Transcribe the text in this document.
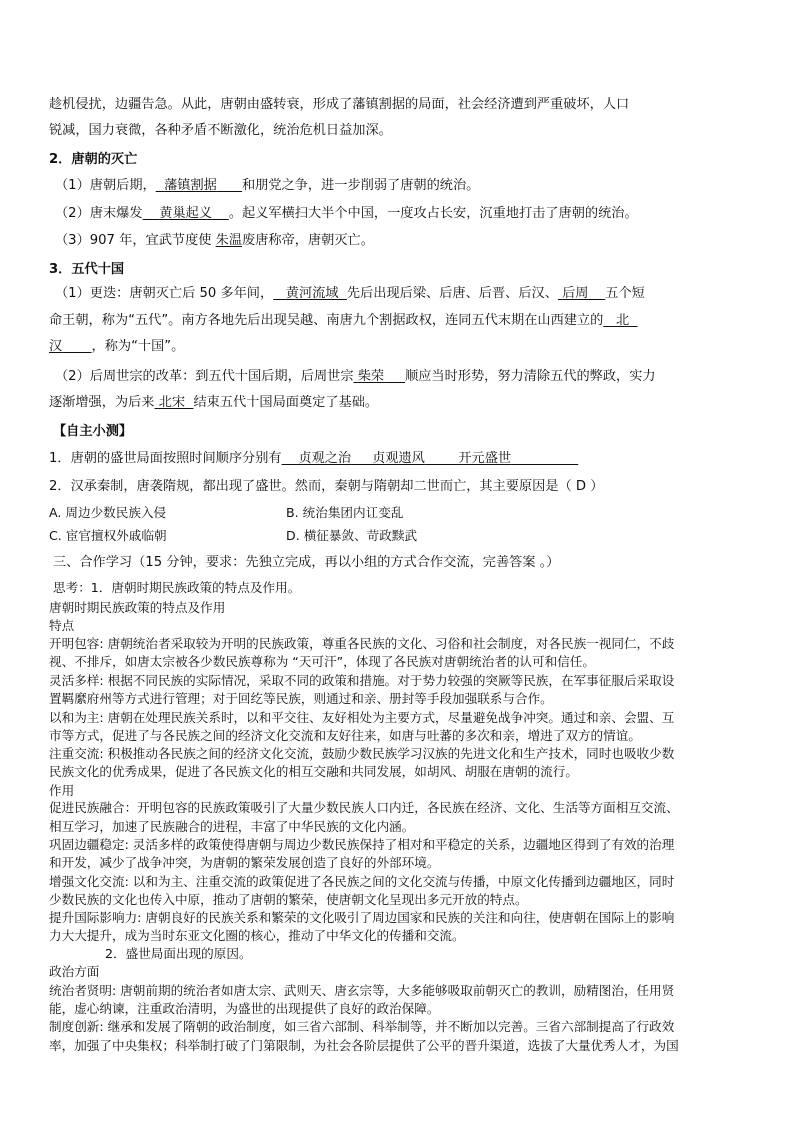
趁机侵扰，边疆告急。从此，唐朝由盛转衰，形成了藩镇割据的局面，社会经济遭到严重破坏，人口
锐减，国力衰微，各种矛盾不断激化，统治危机日益加深。
2．唐朝的灭亡
（1）唐朝后期， 藩镇割据 和朋党之争，进一步削弱了唐朝的统治。
（2）唐末爆发 黄巢起义 。起义军横扫大半个中国，一度攻占长安，沉重地打击了唐朝的统治。
（3）907 年，宜武节度使 朱温废唐称帝，唐朝灭亡。
3．五代十国
（1）更迭：唐朝灭亡后 50 多年间， 黄河流域 先后出现后梁、后唐、后晋、后汉、 后周 五个短
命王朝，称为“五代”。南方各地先后出现吴越、南唐九个割据政权，连同五代末期在山西建立的 北
汉 ，称为“十国”。
（2）后周世宗的改革：到五代十国后期，后周世宗 柴荣 顺应当时形势，努力清除五代的弊政，实力
逐渐增强，为后来 北宋 结束五代十国局面奠定了基础。
【自主小测】
1．唐朝的盛世局面按照时间顺序分别有 贞观之治 贞观遗风	开元盛世
2．汉承秦制，唐袭隋规，都出现了盛世。然而，秦朝与隋朝却二世而亡，其主要原因是（ D ）
A. 周边少数民族入侵	B. 统治集团内讧变乱
C. 宦官擅权外戚临朝	D. 横征暴敛、苛政黩武
三、合作学习（15 分钟，要求：先独立完成，再以小组的方式合作交流，完善答案 。）
思考：1．唐朝时期民族政策的特点及作用。
唐朝时期民族政策的特点及作用
特点
开明包容: 唐朝统治者采取较为开明的民族政策，尊重各民族的文化、习俗和社会制度，对各民族一视同仁，不歧
视、不排斥，如唐太宗被各少数民族尊称为 “天可汗”，体现了各民族对唐朝统治者的认可和信任。
灵活多样: 根据不同民族的实际情况，采取不同的政策和措施。对于势力较强的突厥等民族，在军事征服后采取设
置羁縻府州等方式进行管理；对于回纥等民族，则通过和亲、册封等手段加强联系与合作。
以和为主: 唐朝在处理民族关系时，以和平交往、友好相处为主要方式，尽量避免战争冲突。通过和亲、会盟、互
市等方式，促进了与各民族之间的经济文化交流和友好往来，如唐与吐蕃的多次和亲，增进了双方的情谊。
注重交流: 积极推动各民族之间的经济文化交流，鼓励少数民族学习汉族的先进文化和生产技术，同时也吸收少数
民族文化的优秀成果，促进了各民族文化的相互交融和共同发展，如胡风、胡服在唐朝的流行。
作用
促进民族融合：开明包容的民族政策吸引了大量少数民族人口内迁，各民族在经济、文化、生活等方面相互交流、
相互学习，加速了民族融合的进程，丰富了中华民族的文化内涵。
巩固边疆稳定: 灵活多样的政策使得唐朝与周边少数民族保持了相对和平稳定的关系，边疆地区得到了有效的治理
和开发，减少了战争冲突，为唐朝的繁荣发展创造了良好的外部环境。
增强文化交流: 以和为主、注重交流的政策促进了各民族之间的文化交流与传播，中原文化传播到边疆地区，同时
少数民族的文化也传入中原，推动了唐朝的繁荣，使唐朝文化呈现出多元开放的特点。
提升国际影响力: 唐朝良好的民族关系和繁荣的文化吸引了周边国家和民族的关注和向往，使唐朝在国际上的影响
力大大提升，成为当时东亚文化圈的核心，推动了中华文化的传播和交流。
2．盛世局面出现的原因。
政治方面
统治者贤明: 唐朝前期的统治者如唐太宗、武则天、唐玄宗等，大多能够吸取前朝灭亡的教训，励精图治，任用贤
能，虚心纳谏，注重政治清明，为盛世的出现提供了良好的政治保障。
制度创新: 继承和发展了隋朝的政治制度，如三省六部制、科举制等，并不断加以完善。三省六部制提高了行政效
率，加强了中央集权；科举制打破了门第限制，为社会各阶层提供了公平的晋升渠道，选拔了大量优秀人才，为国
